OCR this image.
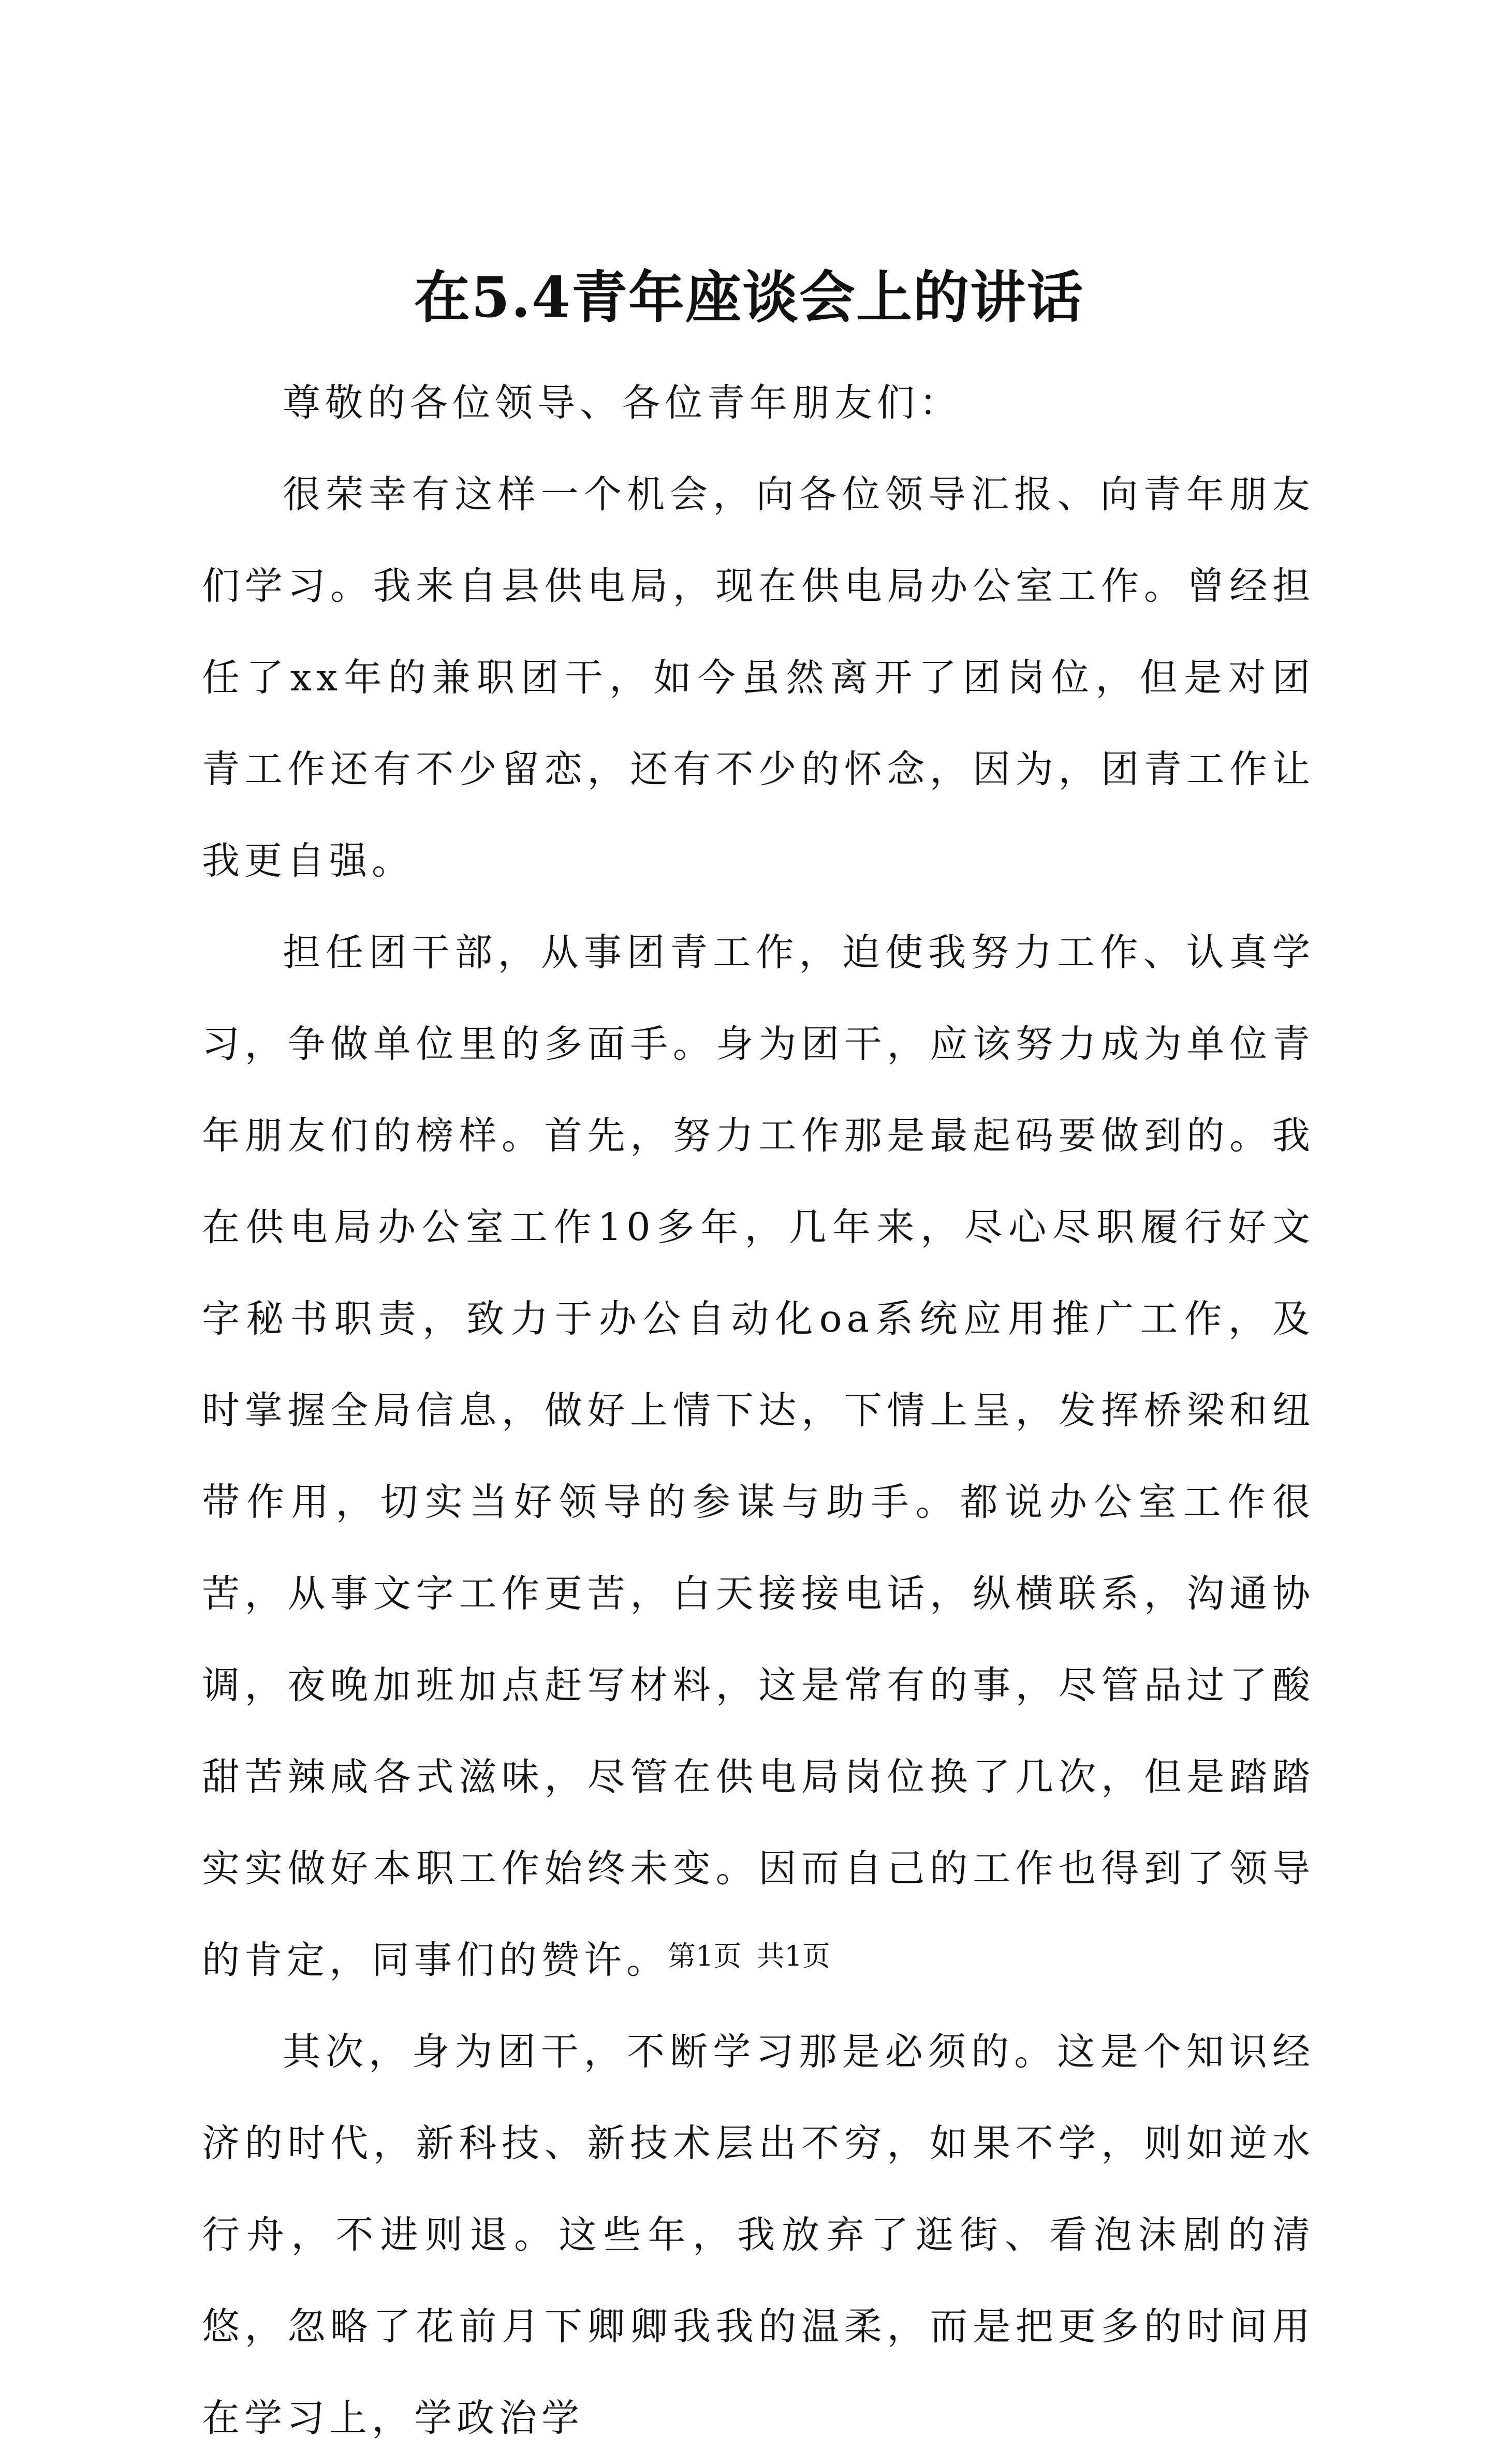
在5.4青年座谈会上的讲话

尊敬的各位领导、各位青年朋友们：

很荣幸有这样一个机会，向各位领导汇报、向青年朋友们学习。我来自县供电局，现在供电局办公室工作。曾经担任了xx年的兼职团干，如今虽然离开了团岗位，但是对团青工作还有不少留恋，还有不少的怀念，因为，团青工作让我更自强。

担任团干部，从事团青工作，迫使我努力工作、认真学习，争做单位里的多面手。身为团干，应该努力成为单位青年朋友们的榜样。首先，努力工作那是最起码要做到的。我在供电局办公室工作10多年，几年来，尽心尽职履行好文字秘书职责，致力于办公自动化oa系统应用推广工作，及时掌握全局信息，做好上情下达，下情上呈，发挥桥梁和纽带作用，切实当好领导的参谋与助手。都说办公室工作很苦，从事文字工作更苦，白天接接电话，纵横联系，沟通协调，夜晚加班加点赶写材料，这是常有的事，尽管品过了酸甜苦辣咸各式滋味，尽管在供电局岗位换了几次，但是踏踏实实做好本职工作始终未变。因而自己的工作也得到了领导的肯定，同事们的赞许。

其次，身为团干，不断学习那是必须的。这是个知识经济的时代，新科技、新技术层出不穷，如果不学，则如逆水行舟，不进则退。这些年，我放弃了逛街、看泡沫剧的清悠，忽略了花前月下卿卿我我的温柔，而是把更多的时间用在学习上，学政治学

第1页 共1页
